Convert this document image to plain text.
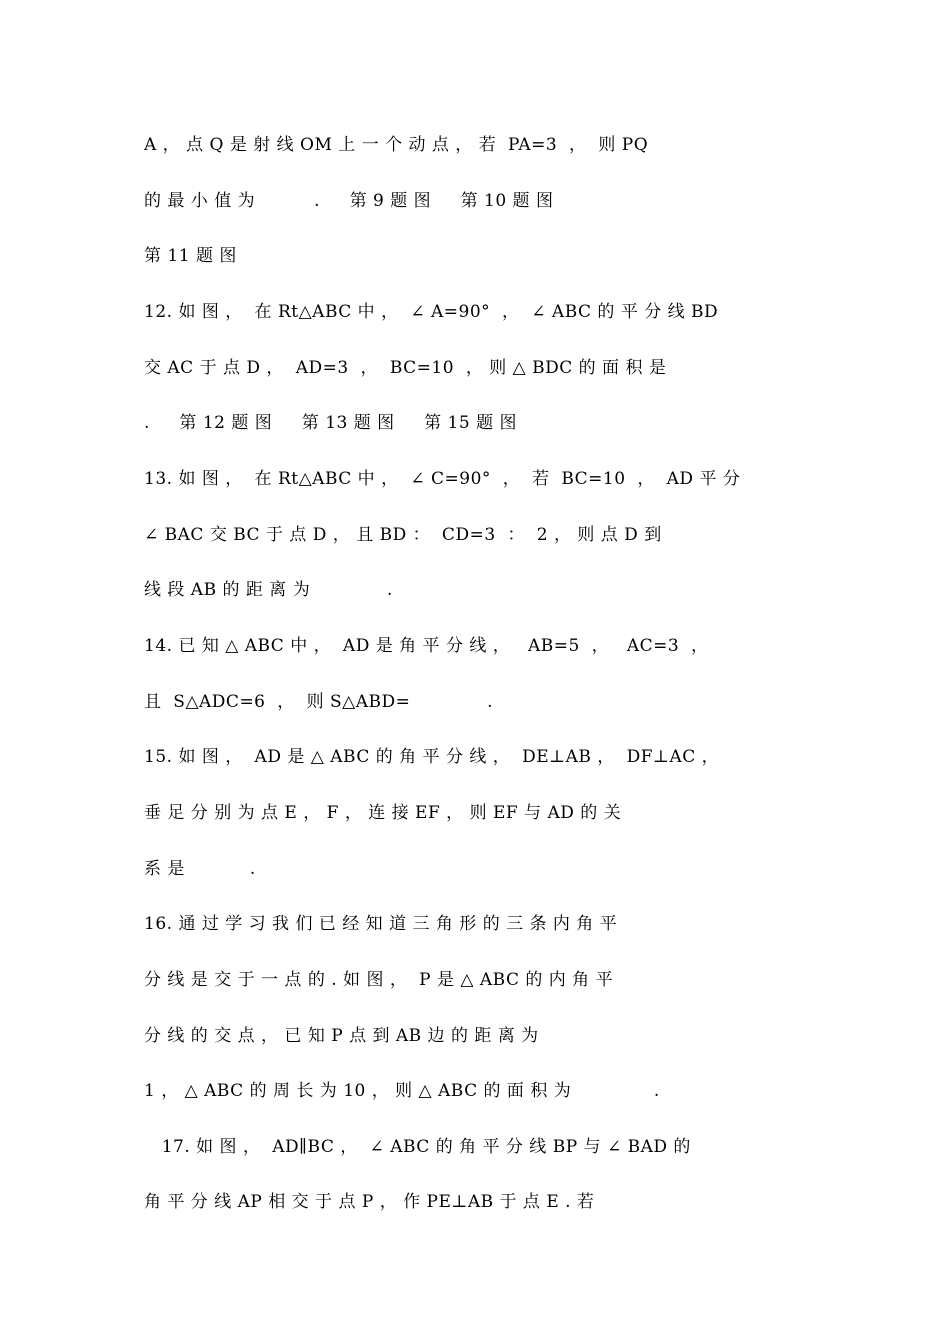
A ， 点 Q 是 射 线 OM 上 一 个 动 点 ， 若  PA=3  ，  则 PQ
的 最 小 值 为          .     第 9 题 图     第 10 题 图
第 11 题 图
12. 如 图 ，  在 Rt△ABC 中 ，  ∠ A=90°  ，  ∠ ABC 的 平 分 线 BD
交 AC 于 点 D ，  AD=3  ，  BC=10  ， 则 △ BDC 的 面 积 是
.     第 12 题 图     第 13 题 图     第 15 题 图
13. 如 图 ，  在 Rt△ABC 中 ，  ∠ C=90°  ，  若  BC=10  ，  AD 平 分
∠ BAC 交 BC 于 点 D ， 且 BD ：  CD=3  ：  2 ， 则 点 D 到
线 段 AB 的 距 离 为             .
14. 已 知 △ ABC 中 ，  AD 是 角 平 分 线 ，   AB=5  ，   AC=3  ，
且  S△ADC=6  ，  则 S△ABD=             .
15. 如 图 ，  AD 是 △ ABC 的 角 平 分 线 ，  DE⊥AB ，  DF⊥AC ，
垂 足 分 别 为 点 E ， F ， 连 接 EF ， 则 EF 与 AD 的 关
系 是           .
16. 通 过 学 习 我 们 已 经 知 道 三 角 形 的 三 条 内 角 平
分 线 是 交 于 一 点 的 . 如 图 ，  P 是 △ ABC 的 内 角 平
分 线 的 交 点 ， 已 知 P 点 到 AB 边 的 距 离 为
1 ， △ ABC 的 周 长 为 10 ， 则 △ ABC 的 面 积 为              .
17. 如 图 ，  AD∥BC ，  ∠ ABC 的 角 平 分 线 BP 与 ∠ BAD 的
角 平 分 线 AP 相 交 于 点 P ， 作 PE⊥AB 于 点 E . 若
